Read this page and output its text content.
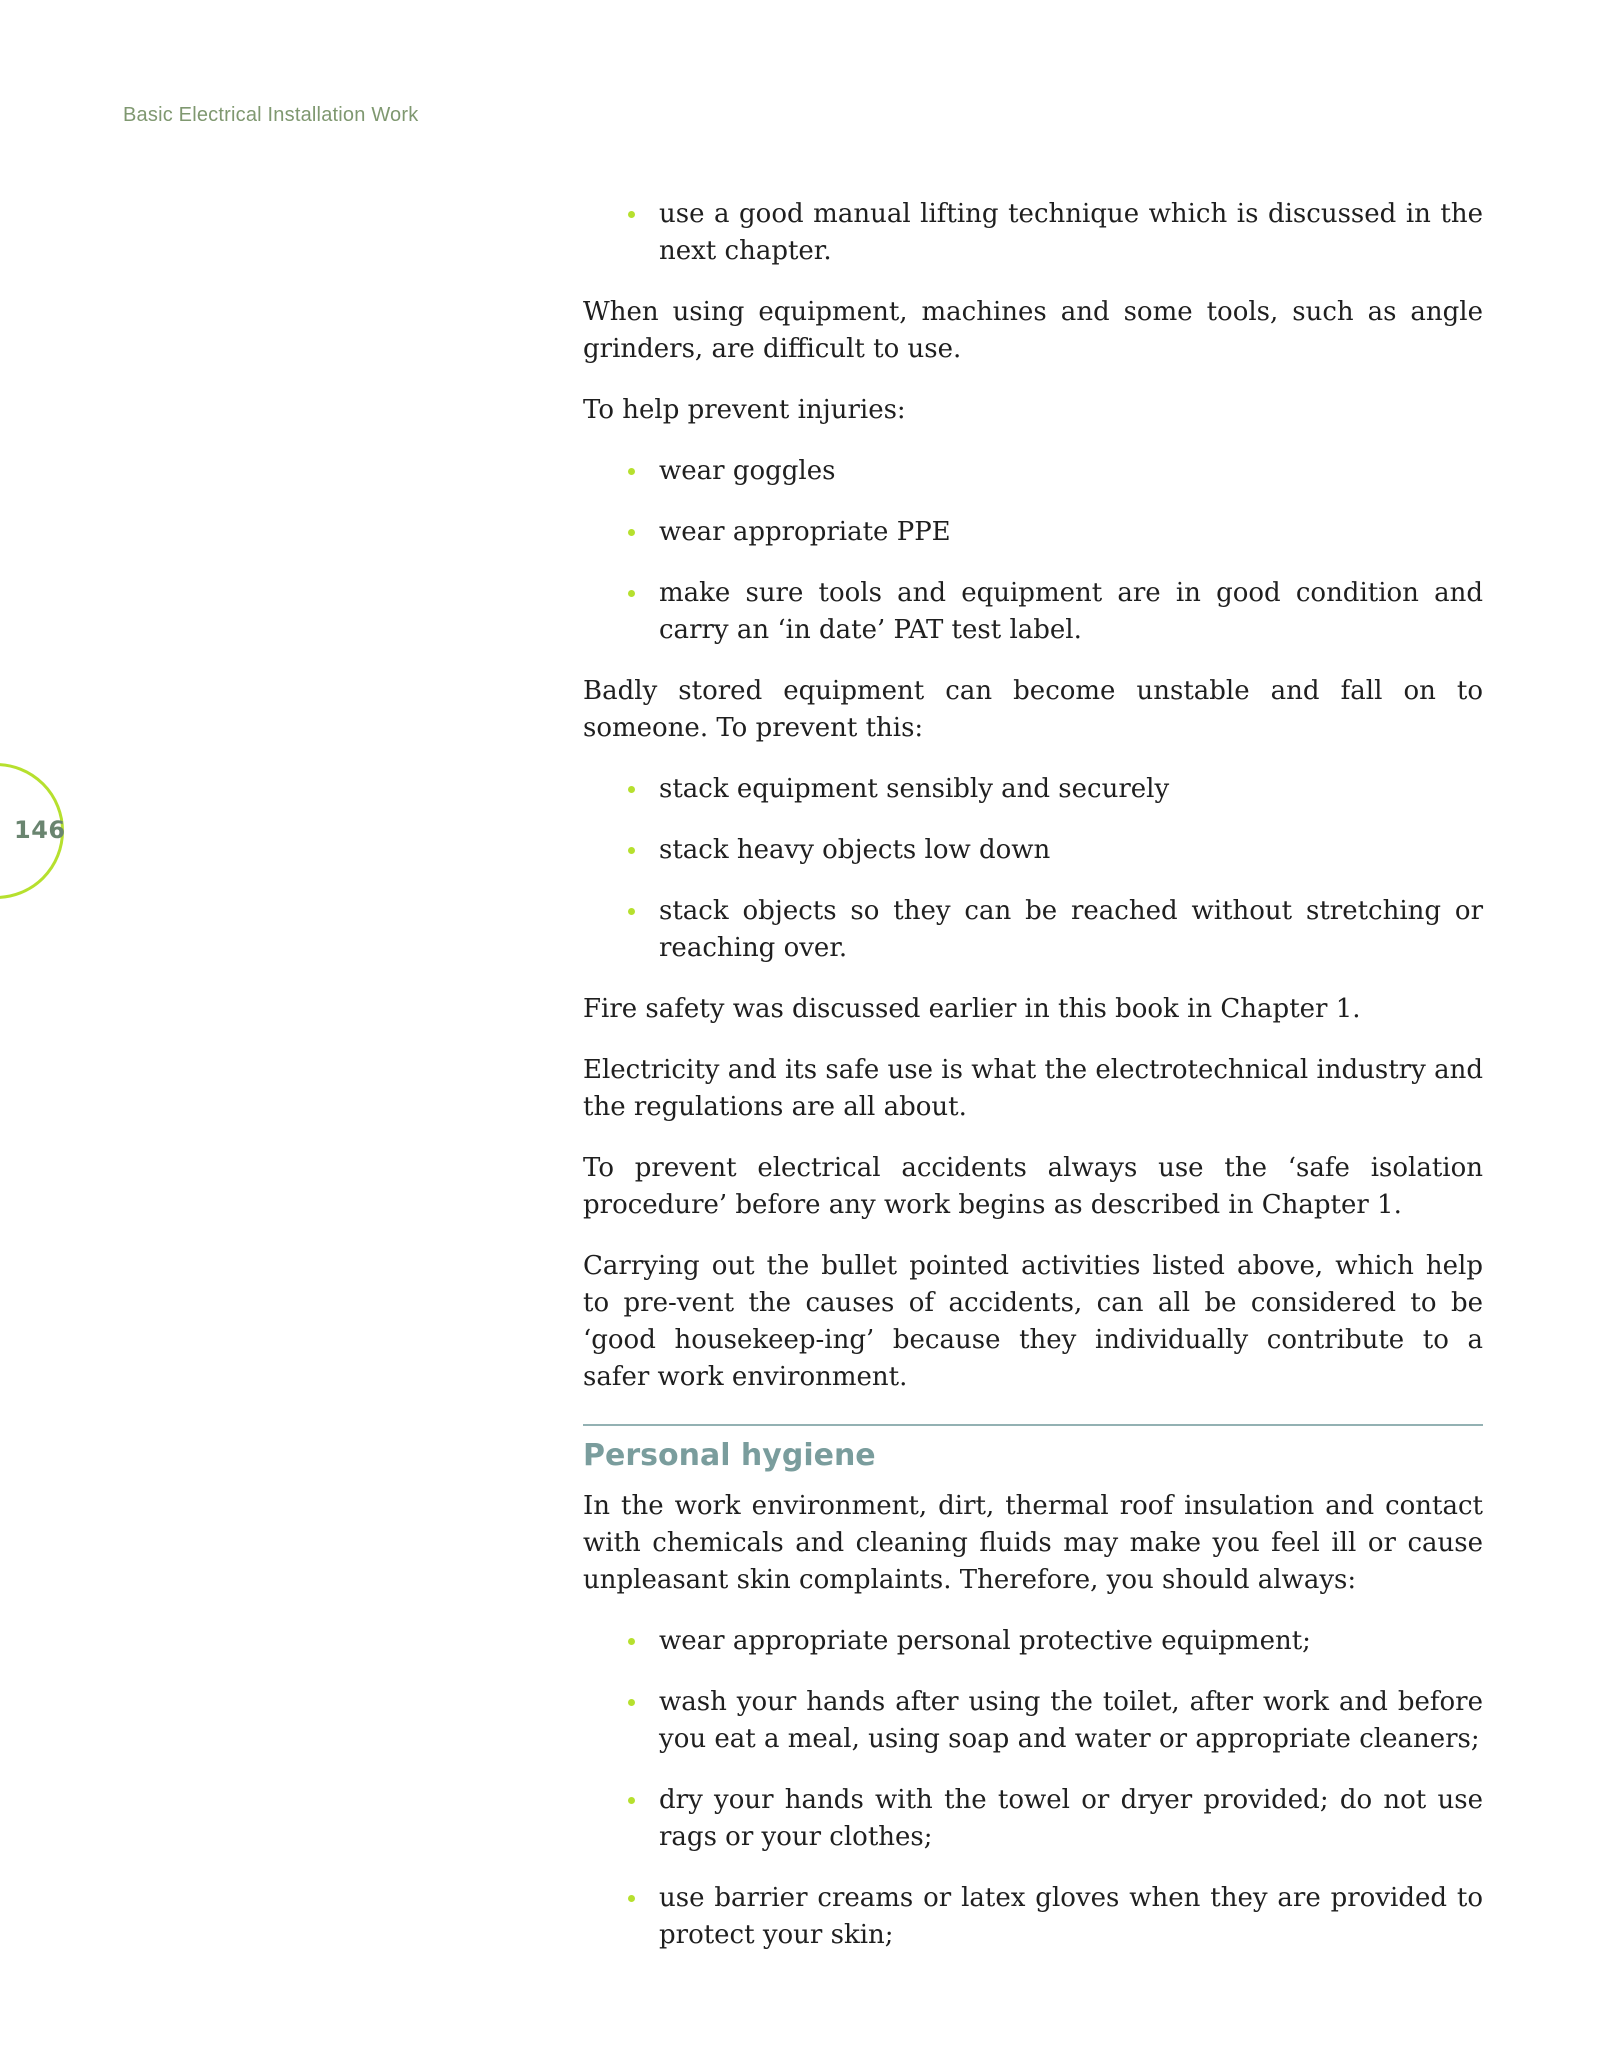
Basic Electrical Installation Work
146
use a good manual lifting technique which is discussed in the next chapter.

When using equipment, machines and some tools, such as angle grinders, are difficult to use.

To help prevent injuries:

wear goggles
wear appropriate PPE
make sure tools and equipment are in good condition and carry an ‘in date’ PAT test label.

Badly stored equipment can become unstable and fall on to someone. To prevent this:

stack equipment sensibly and securely
stack heavy objects low down
stack objects so they can be reached without stretching or reaching over.

Fire safety was discussed earlier in this book in Chapter 1.

Electricity and its safe use is what the electrotechnical industry and the regulations are all about.

To prevent electrical accidents always use the ‘safe isolation procedure’ before any work begins as described in Chapter 1.

Carrying out the bullet pointed activities listed above, which help to pre-vent the causes of accidents, can all be considered to be ‘good housekeep-ing’ because they individually contribute to a safer work environment.

Personal hygiene

In the work environment, dirt, thermal roof insulation and contact with chemicals and cleaning fluids may make you feel ill or cause unpleasant skin complaints. Therefore, you should always:

wear appropriate personal protective equipment;
wash your hands after using the toilet, after work and before you eat a meal, using soap and water or appropriate cleaners;
dry your hands with the towel or dryer provided; do not use rags or your clothes;
use barrier creams or latex gloves when they are provided to protect your skin;
